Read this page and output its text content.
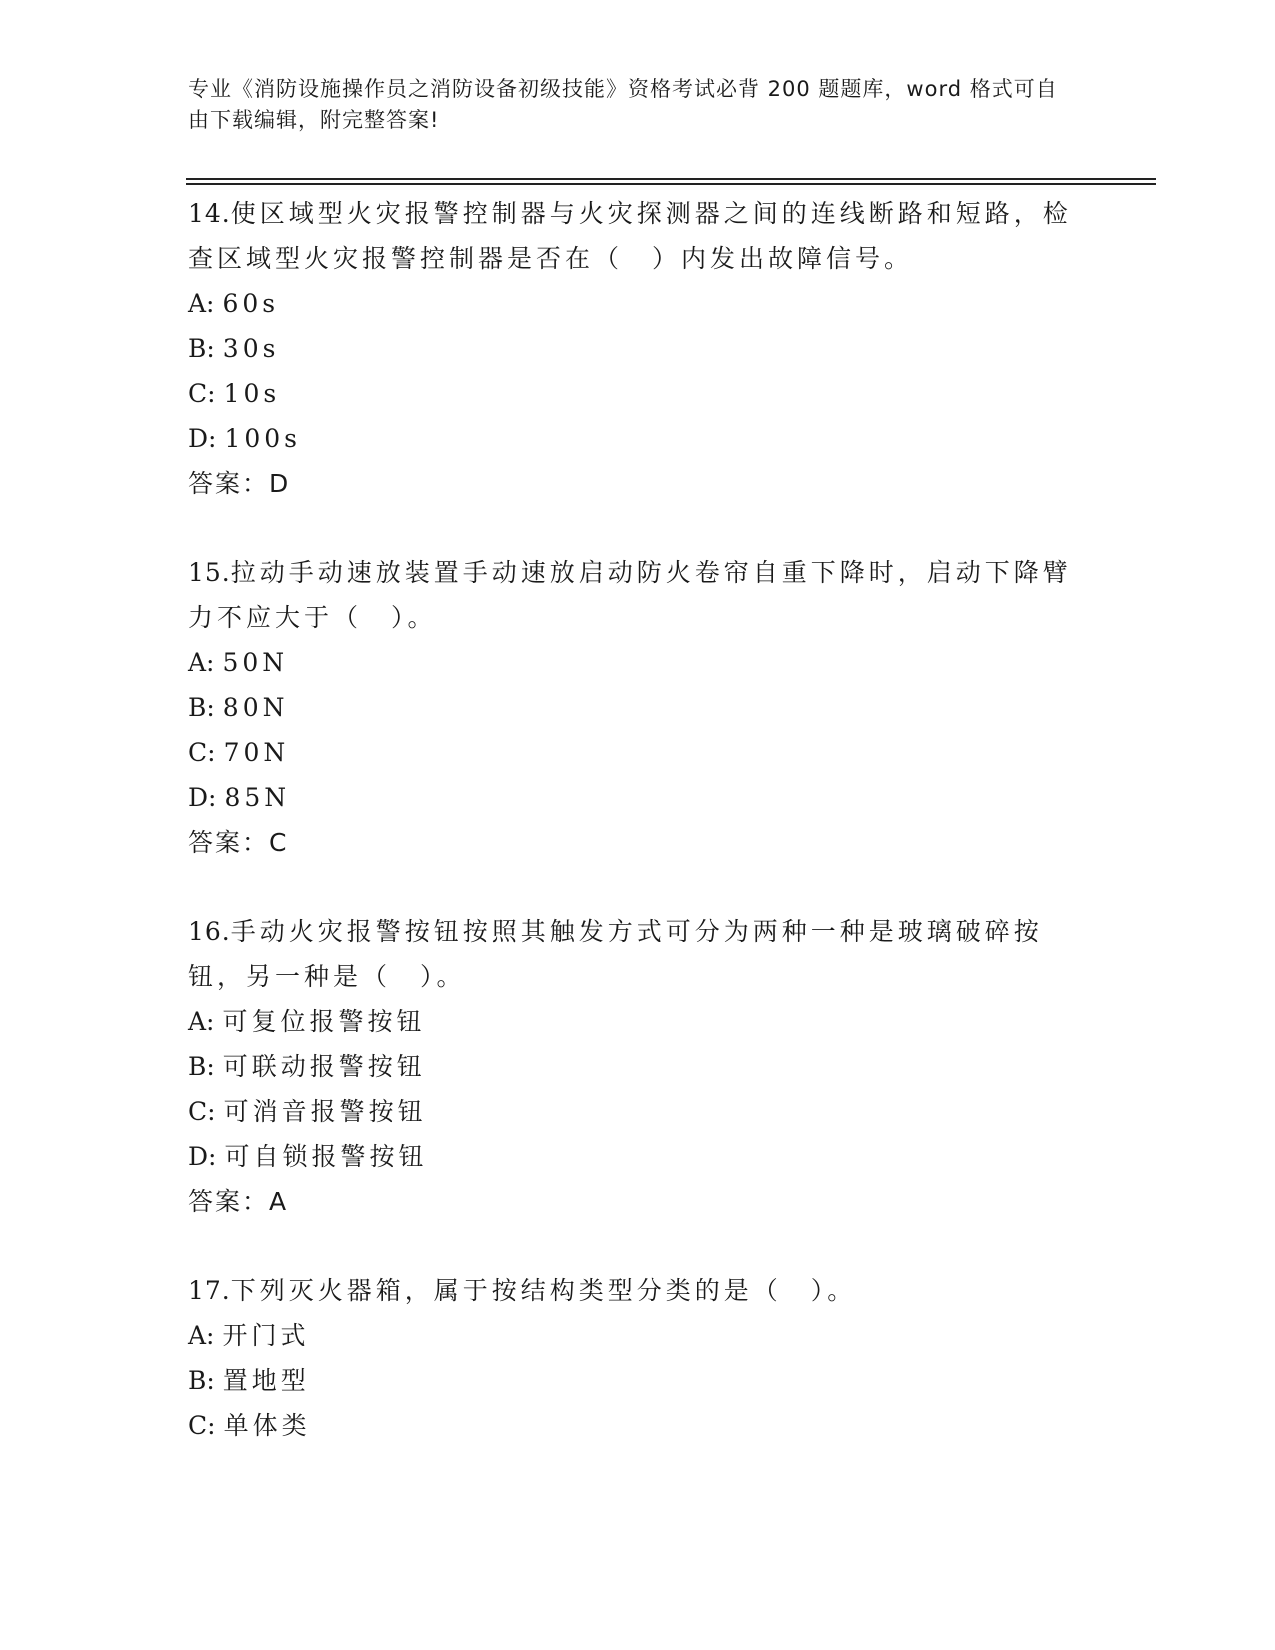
专业《消防设施操作员之消防设备初级技能》资格考试必背 200 题题库，word 格式可自由下载编辑，附完整答案!

14.使区域型火灾报警控制器与火灾探测器之间的连线断路和短路，检查区域型火灾报警控制器是否在（　）内发出故障信号。

A: 60s

B: 30s

C: 10s

D: 100s

答案：D

15.拉动手动速放装置手动速放启动防火卷帘自重下降时，启动下降臂力不应大于（　）。

A: 50N

B: 80N

C: 70N

D: 85N

答案：C

16.手动火灾报警按钮按照其触发方式可分为两种一种是玻璃破碎按钮，另一种是（　）。

A: 可复位报警按钮

B: 可联动报警按钮

C: 可消音报警按钮

D: 可自锁报警按钮

答案：A

17.下列灭火器箱，属于按结构类型分类的是（　）。

A: 开门式

B: 置地型

C: 单体类
